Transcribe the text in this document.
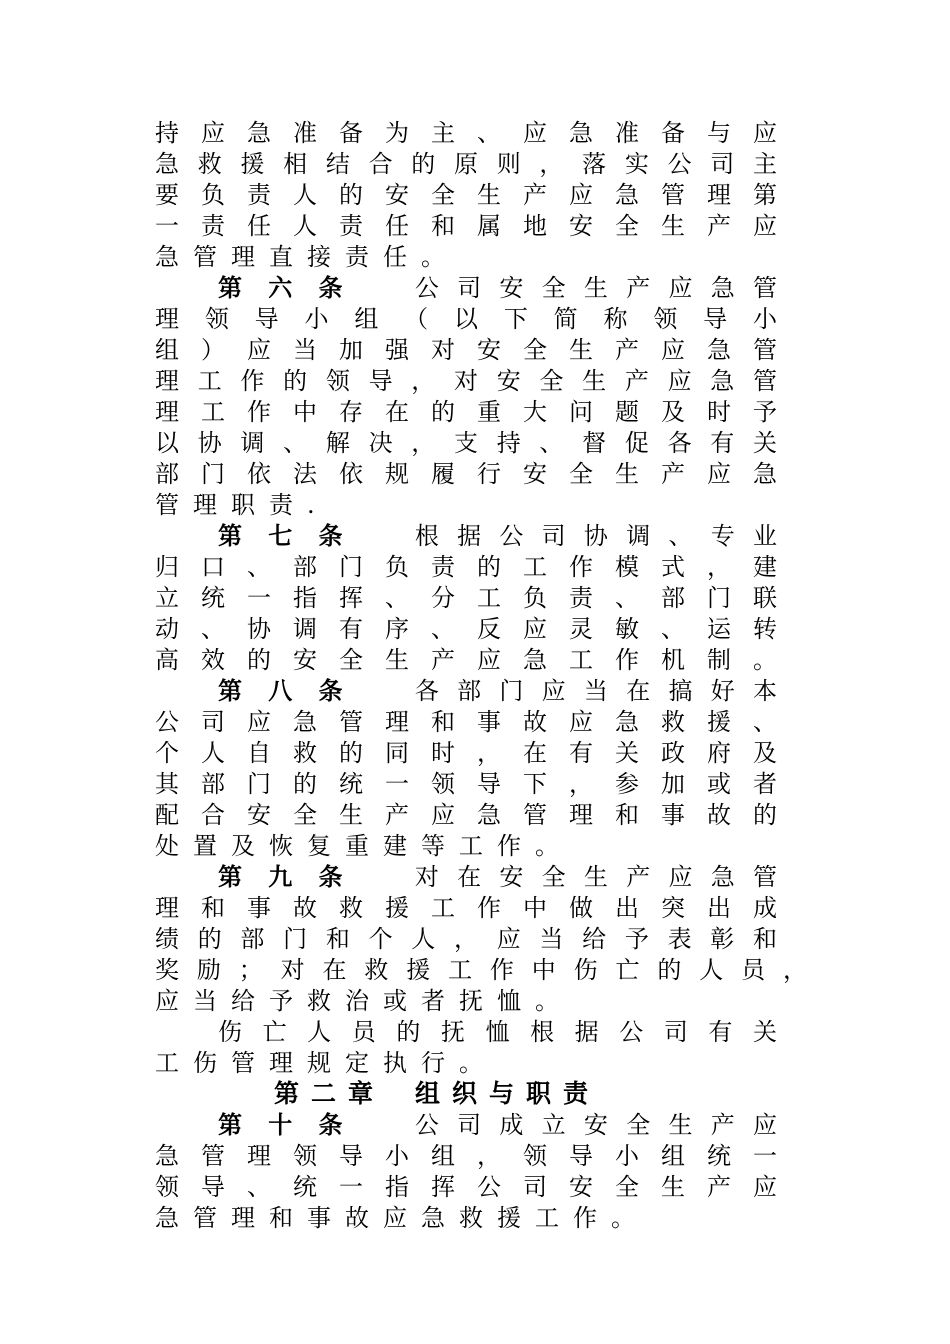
持应急准备为主、应急准备与应
急救援相结合的原则，落实公司主
要负责人的安全生产应急管理第
一责任人责任和属地安全生产应
急管理直接责任。
第六条 公司安全生产应急管
理领导小组（以下简称领导小
组）应当加强对安全生产应急管
理工作的领导，对安全生产应急管
理工作中存在的重大问题及时予
以协调、解决，支持、督促各有关
部门依法依规履行安全生产应急
管理职责.
第七条 根据公司协调、专业
归口、部门负责的工作模式，建
立统一指挥、分工负责、部门联
动、协调有序、反应灵敏、运转
高效的安全生产应急工作机制。
第八条 各部门应当在搞好本
公司应急管理和事故应急救援、
个人自救的同时，在有关政府及
其部门的统一领导下，参加或者
配合安全生产应急管理和事故的
处置及恢复重建等工作。
第九条 对在安全生产应急管
理和事故救援工作中做出突出成
绩的部门和个人，应当给予表彰和
奖励；对在救援工作中伤亡的人员，
应当给予救治或者抚恤。
伤亡人员的抚恤根据公司有关
工伤管理规定执行。
第二章 组织与职责
第十条 公司成立安全生产应
急管理领导小组，领导小组统一
领导、统一指挥公司安全生产应
急管理和事故应急救援工作。
